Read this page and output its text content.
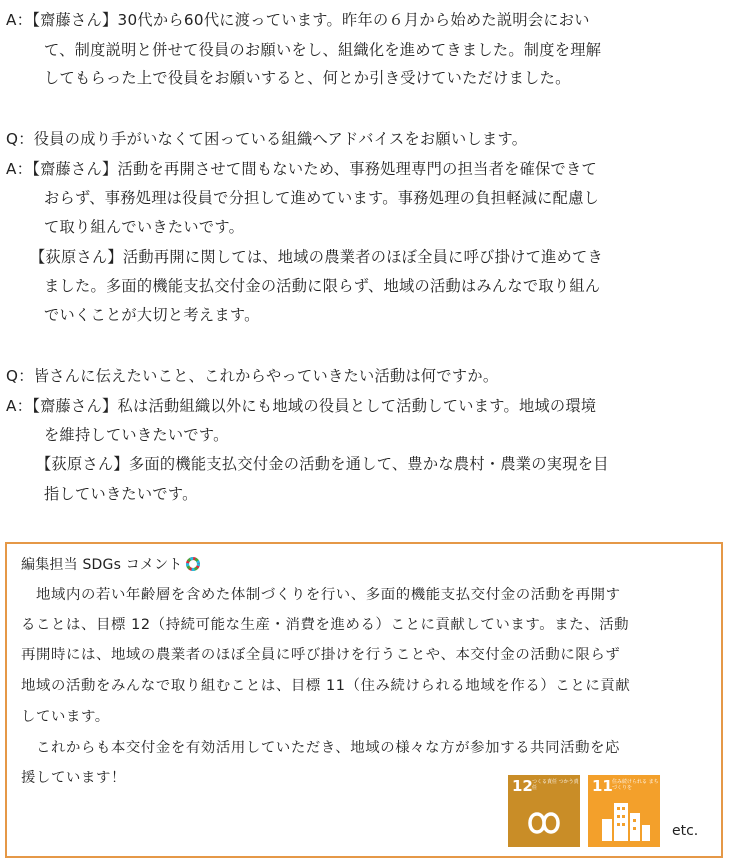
A：【齋藤さん】30代から60代に渡っています。昨年の６月から始めた説明会におい
て、制度説明と併せて役員のお願いをし、組織化を進めてきました。制度を理解
してもらった上で役員をお願いすると、何とか引き受けていただけました。
Q：役員の成り手がいなくて困っている組織へアドバイスをお願いします。
A：【齋藤さん】活動を再開させて間もないため、事務処理専門の担当者を確保できて
おらず、事務処理は役員で分担して進めています。事務処理の負担軽減に配慮し
て取り組んでいきたいです。
【荻原さん】活動再開に関しては、地域の農業者のほぼ全員に呼び掛けて進めてき
ました。多面的機能支払交付金の活動に限らず、地域の活動はみんなで取り組ん
でいくことが大切と考えます。
Q：皆さんに伝えたいこと、これからやっていきたい活動は何ですか。
A：【齋藤さん】私は活動組織以外にも地域の役員として活動しています。地域の環境
を維持していきたいです。
【荻原さん】多面的機能支払交付金の活動を通して、豊かな農村・農業の実現を目
指していきたいです。
編集担当 SDGs コメント
　地域内の若い年齢層を含めた体制づくりを行い、多面的機能支払交付金の活動を再開す
ることは、目標 12（持続可能な生産・消費を進める）ことに貢献しています。また、活動
再開時には、地域の農業者のほぼ全員に呼び掛けを行うことや、本交付金の活動に限らず
地域の活動をみんなで取り組むことは、目標 11（住み続けられる地域を作る）ことに貢献
しています。
　これからも本交付金を有効活用していただき、地域の様々な方が参加する共同活動を応
援しています！	12 つくる責任 つかう責任	11 住み続けられる まちづくりを
etc.
